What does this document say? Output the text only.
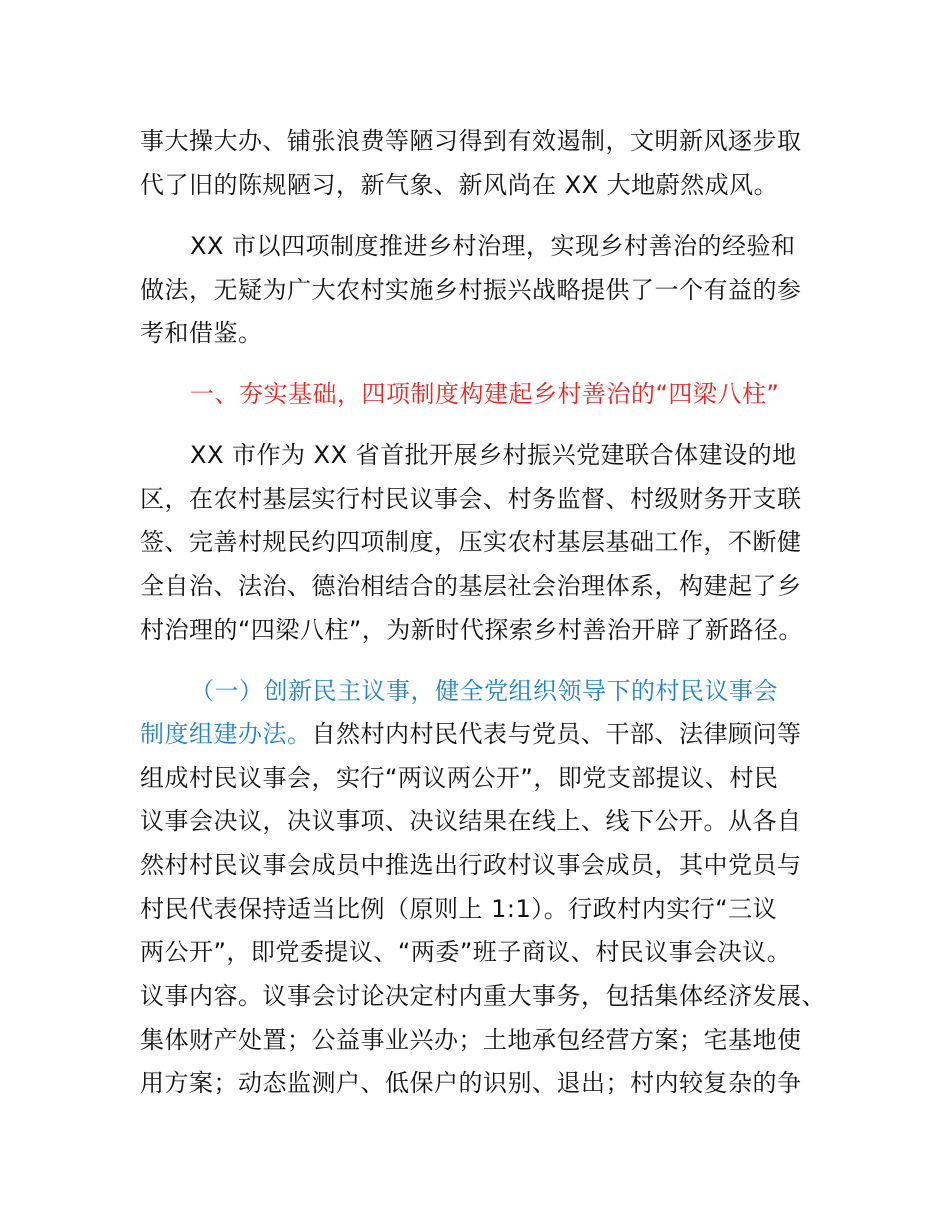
事大操大办、铺张浪费等陋习得到有效遏制，文明新风逐步取
代了旧的陈规陋习，新气象、新风尚在 XX 大地蔚然成风。
XX 市以四项制度推进乡村治理，实现乡村善治的经验和
做法，无疑为广大农村实施乡村振兴战略提供了一个有益的参
考和借鉴。
一、夯实基础，四项制度构建起乡村善治的“四梁八柱”
XX 市作为 XX 省首批开展乡村振兴党建联合体建设的地
区，在农村基层实行村民议事会、村务监督、村级财务开支联
签、完善村规民约四项制度，压实农村基层基础工作，不断健
全自治、法治、德治相结合的基层社会治理体系，构建起了乡
村治理的“四梁八柱”，为新时代探索乡村善治开辟了新路径。
（一）创新民主议事，健全党组织领导下的村民议事会
制度组建办法。自然村内村民代表与党员、干部、法律顾问等
组成村民议事会，实行“两议两公开”，即党支部提议、村民
议事会决议，决议事项、决议结果在线上、线下公开。从各自
然村村民议事会成员中推选出行政村议事会成员，其中党员与
村民代表保持适当比例（原则上 1:1）。行政村内实行“三议
两公开”，即党委提议、“两委”班子商议、村民议事会决议。
议事内容。议事会讨论决定村内重大事务，包括集体经济发展、
集体财产处置；公益事业兴办；土地承包经营方案；宅基地使
用方案；动态监测户、低保户的识别、退出；村内较复杂的争
